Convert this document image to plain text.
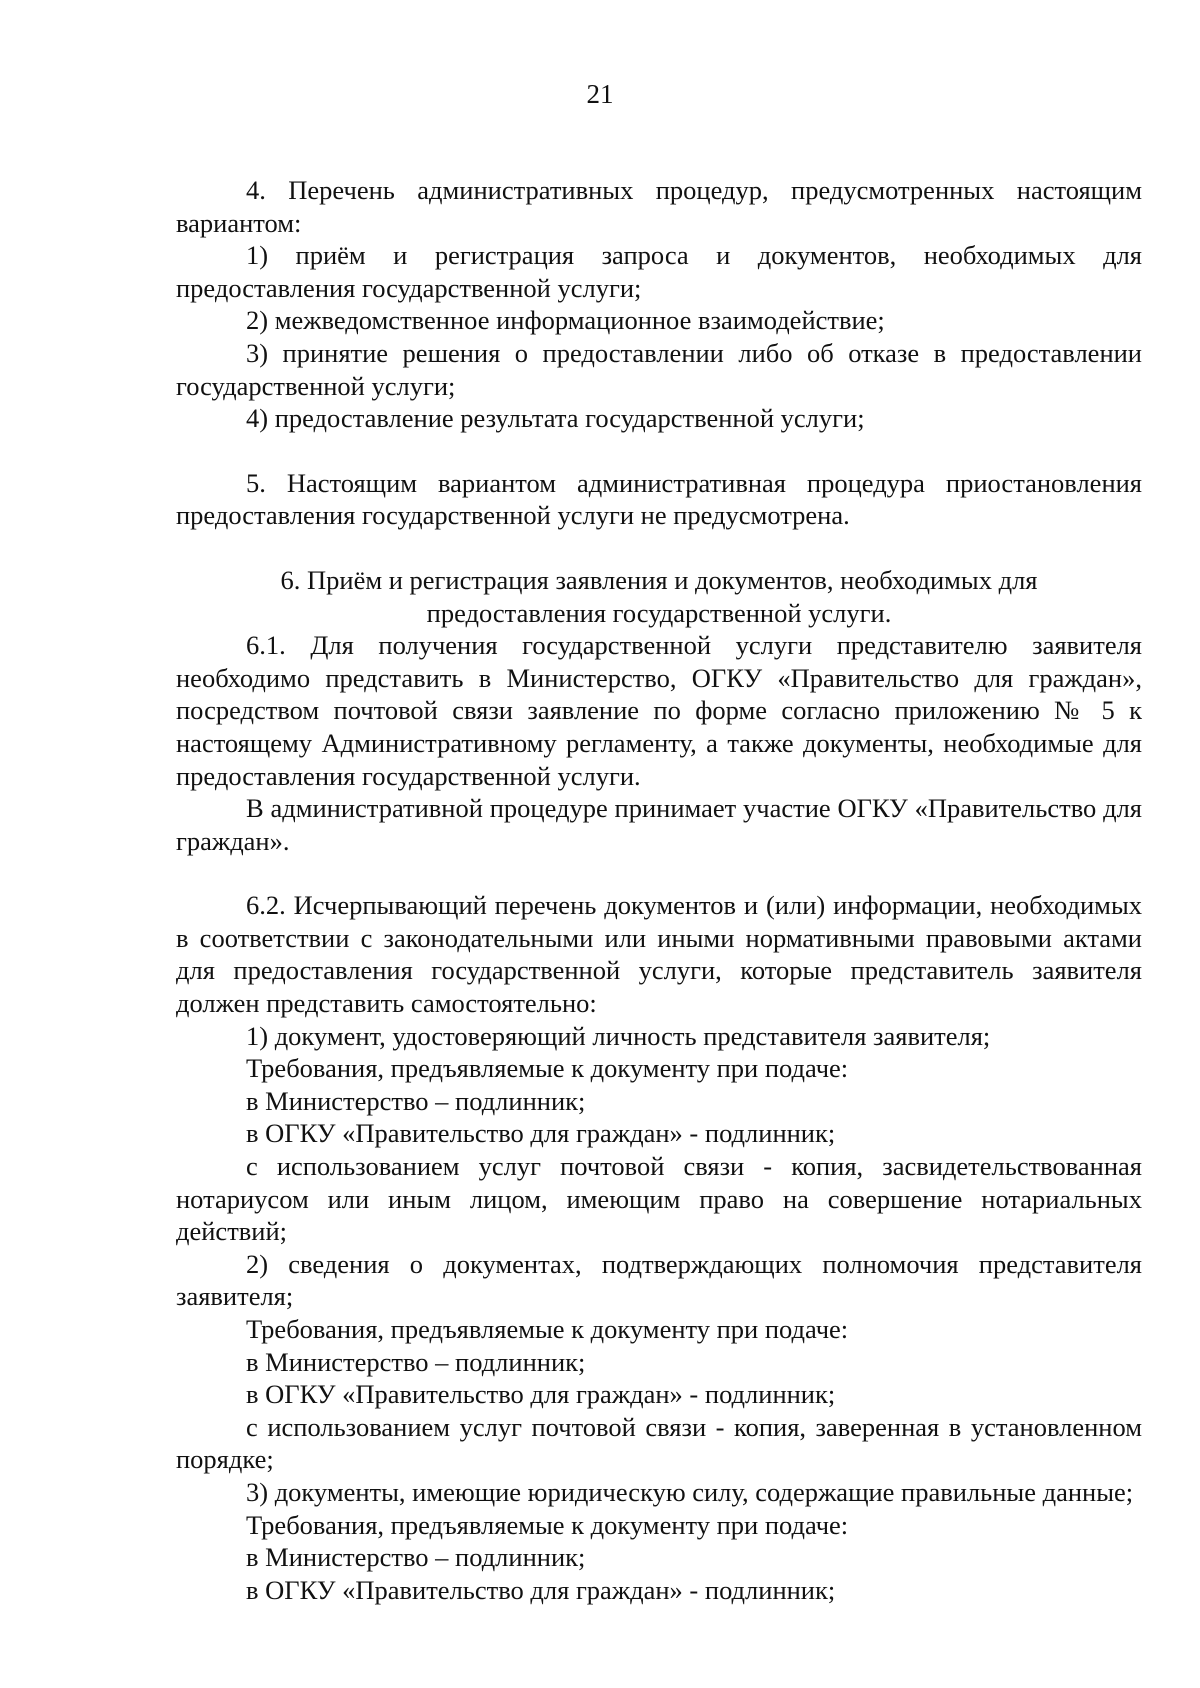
21

4. Перечень административных процедур, предусмотренных настоящим вариантом:

1) приём и регистрация запроса и документов, необходимых для предоставления государственной услуги;

2) межведомственное информационное взаимодействие;

3) принятие решения о предоставлении либо об отказе в предоставлении государственной услуги;

4) предоставление результата государственной услуги;

5. Настоящим вариантом административная процедура приостановления предоставления государственной услуги не предусмотрена.

6. Приём и регистрация заявления и документов, необходимых для предоставления государственной услуги.

6.1. Для получения государственной услуги представителю заявителя необходимо представить в Министерство, ОГКУ «Правительство для граждан», посредством почтовой связи заявление по форме согласно приложению № 5 к настоящему Административному регламенту, а также документы, необходимые для предоставления государственной услуги.

В административной процедуре принимает участие ОГКУ «Правительство для граждан».

6.2. Исчерпывающий перечень документов и (или) информации, необходимых в соответствии с законодательными или иными нормативными правовыми актами для предоставления государственной услуги, которые представитель заявителя должен представить самостоятельно:

1) документ, удостоверяющий личность представителя заявителя;

Требования, предъявляемые к документу при подаче:

в Министерство – подлинник;

в ОГКУ «Правительство для граждан» - подлинник;

с использованием услуг почтовой связи - копия, засвидетельствованная нотариусом или иным лицом, имеющим право на совершение нотариальных действий;

2) сведения о документах, подтверждающих полномочия представителя заявителя;

Требования, предъявляемые к документу при подаче:

в Министерство – подлинник;

в ОГКУ «Правительство для граждан» - подлинник;

с использованием услуг почтовой связи - копия, заверенная в установленном порядке;

3) документы, имеющие юридическую силу, содержащие правильные данные;

Требования, предъявляемые к документу при подаче:

в Министерство – подлинник;

в ОГКУ «Правительство для граждан» - подлинник;
